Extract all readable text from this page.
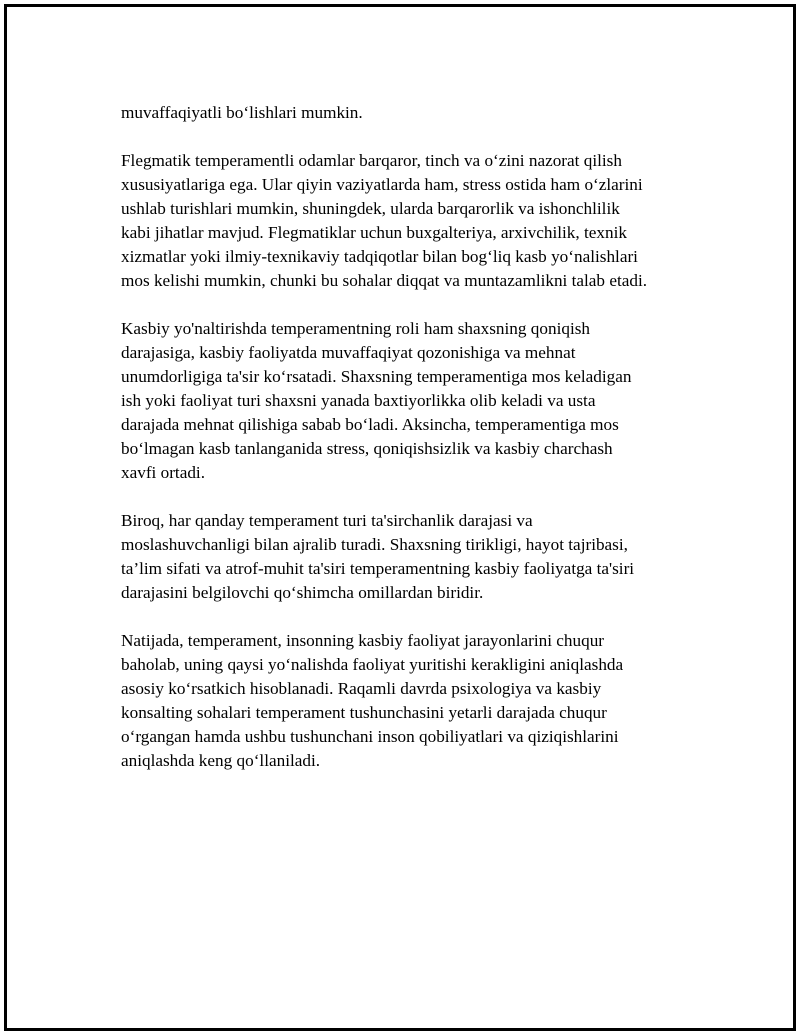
muvaffaqiyatli bo‘lishlari mumkin.

Flegmatik temperamentli odamlar barqaror, tinch va o‘zini nazorat qilish
xususiyatlariga ega. Ular qiyin vaziyatlarda ham, stress ostida ham o‘zlarini
ushlab turishlari mumkin, shuningdek, ularda barqarorlik va ishonchlilik
kabi jihatlar mavjud. Flegmatiklar uchun buxgalteriya, arxivchilik, texnik
xizmatlar yoki ilmiy-texnikaviy tadqiqotlar bilan bog‘liq kasb yo‘nalishlari
mos kelishi mumkin, chunki bu sohalar diqqat va muntazamlikni talab etadi.

Kasbiy yo'naltirishda temperamentning roli ham shaxsning qoniqish
darajasiga, kasbiy faoliyatda muvaffaqiyat qozonishiga va mehnat
unumdorligiga ta'sir ko‘rsatadi. Shaxsning temperamentiga mos keladigan
ish yoki faoliyat turi shaxsni yanada baxtiyorlikka olib keladi va usta
darajada mehnat qilishiga sabab bo‘ladi. Aksincha, temperamentiga mos
bo‘lmagan kasb tanlanganida stress, qoniqishsizlik va kasbiy charchash
xavfi ortadi.

Biroq, har qanday temperament turi ta'sirchanlik darajasi va
moslashuvchanligi bilan ajralib turadi. Shaxsning tirikligi, hayot tajribasi,
ta’lim sifati va atrof-muhit ta'siri temperamentning kasbiy faoliyatga ta'siri
darajasini belgilovchi qo‘shimcha omillardan biridir.

Natijada, temperament, insonning kasbiy faoliyat jarayonlarini chuqur
baholab, uning qaysi yo‘nalishda faoliyat yuritishi kerakligini aniqlashda
asosiy ko‘rsatkich hisoblanadi. Raqamli davrda psixologiya va kasbiy
konsalting sohalari temperament tushunchasini yetarli darajada chuqur
o‘rgangan hamda ushbu tushunchani inson qobiliyatlari va qiziqishlarini
aniqlashda keng qo‘llaniladi.
